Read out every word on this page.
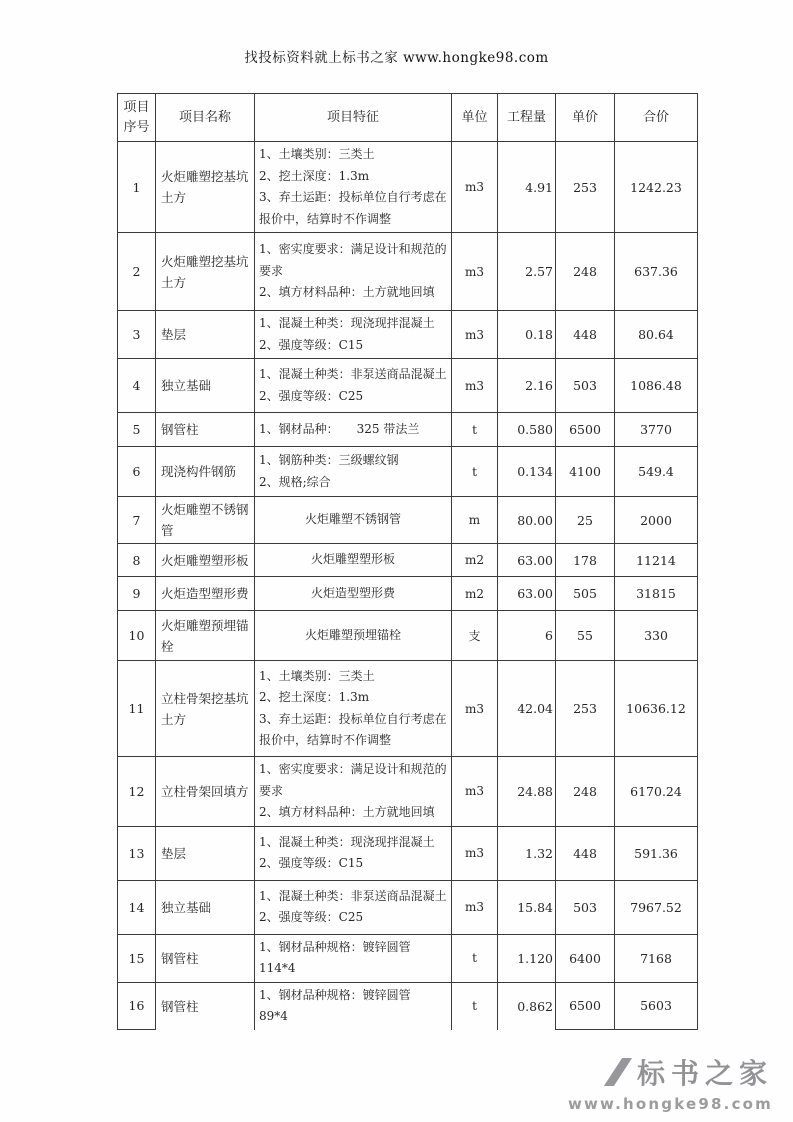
找投标资料就上标书之家 www.hongke98.com
项目序号	项目名称	项目特征	单位	工程量	单价	合价
1	火炬雕塑挖基坑土方	1、土壤类别：三类土
2、挖土深度：1.3m
3、弃土运距：投标单位自行考虑在报价中，结算时不作调整	m3	4.91	253	1242.23
2	火炬雕塑挖基坑土方	1、密实度要求：满足设计和规范的要求
2、填方材料品种：土方就地回填	m3	2.57	248	637.36
3	垫层	1、混凝土种类：现浇现拌混凝土
2、强度等级：C15	m3	0.18	448	80.64
4	独立基础	1、混凝土种类：非泵送商品混凝土
2、强度等级：C25	m3	2.16	503	1086.48
5	钢管柱	1、钢材品种：　　325 带法兰	t	0.580	6500	3770
6	现浇构件钢筋	1、钢筋种类：三级螺纹钢
2、规格;综合	t	0.134	4100	549.4
7	火炬雕塑不锈钢管	火炬雕塑不锈钢管	m	80.00	25	2000
8	火炬雕塑塑形板	火炬雕塑塑形板	m2	63.00	178	11214
9	火炬造型塑形费	火炬造型塑形费	m2	63.00	505	31815
10	火炬雕塑预埋锚栓	火炬雕塑预埋锚栓	支	6	55	330
11	立柱骨架挖基坑土方	1、土壤类别：三类土
2、挖土深度：1.3m
3、弃土运距：投标单位自行考虑在报价中，结算时不作调整	m3	42.04	253	10636.12
12	立柱骨架回填方	1、密实度要求：满足设计和规范的要求
2、填方材料品种：土方就地回填	m3	24.88	248	6170.24
13	垫层	1、混凝土种类：现浇现拌混凝土
2、强度等级：C15	m3	1.32	448	591.36
14	独立基础	1、混凝土种类：非泵送商品混凝土
2、强度等级：C25	m3	15.84	503	7967.52
15	钢管柱	1、钢材品种规格：镀锌圆管　114*4	t	1.120	6400	7168
16	钢管柱	1、钢材品种规格：镀锌圆管　89*4	t	0.862	6500	5603
标书之家
www.hongke98.com
